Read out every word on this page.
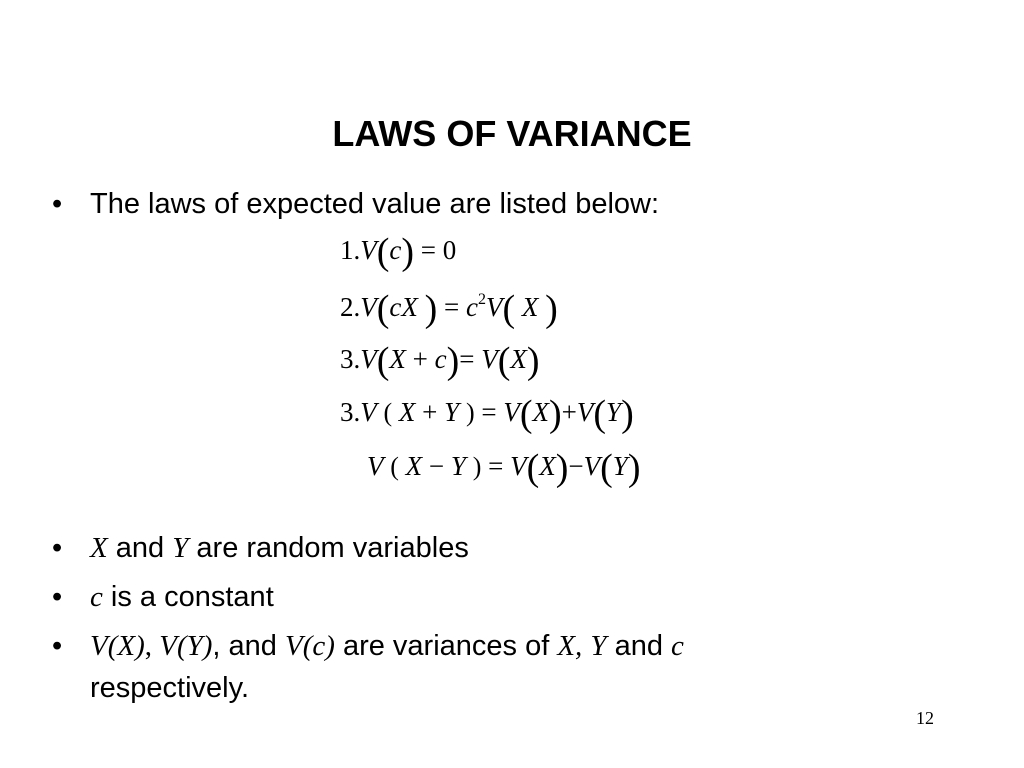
LAWS OF VARIANCE
• The laws of expected value are listed below:
1.V(c) = 0
2.V(cX ) = $c^2V$( X )
3.V(X + c)= V(X)
3.V ( X + Y ) = V(X)+V(Y)
V ( X − Y ) = V(X)−V(Y)
• X and Y are random variables
• c is a constant
• V(X), V(Y), and V(c) are variances of X, Y and c
respectively.
12
